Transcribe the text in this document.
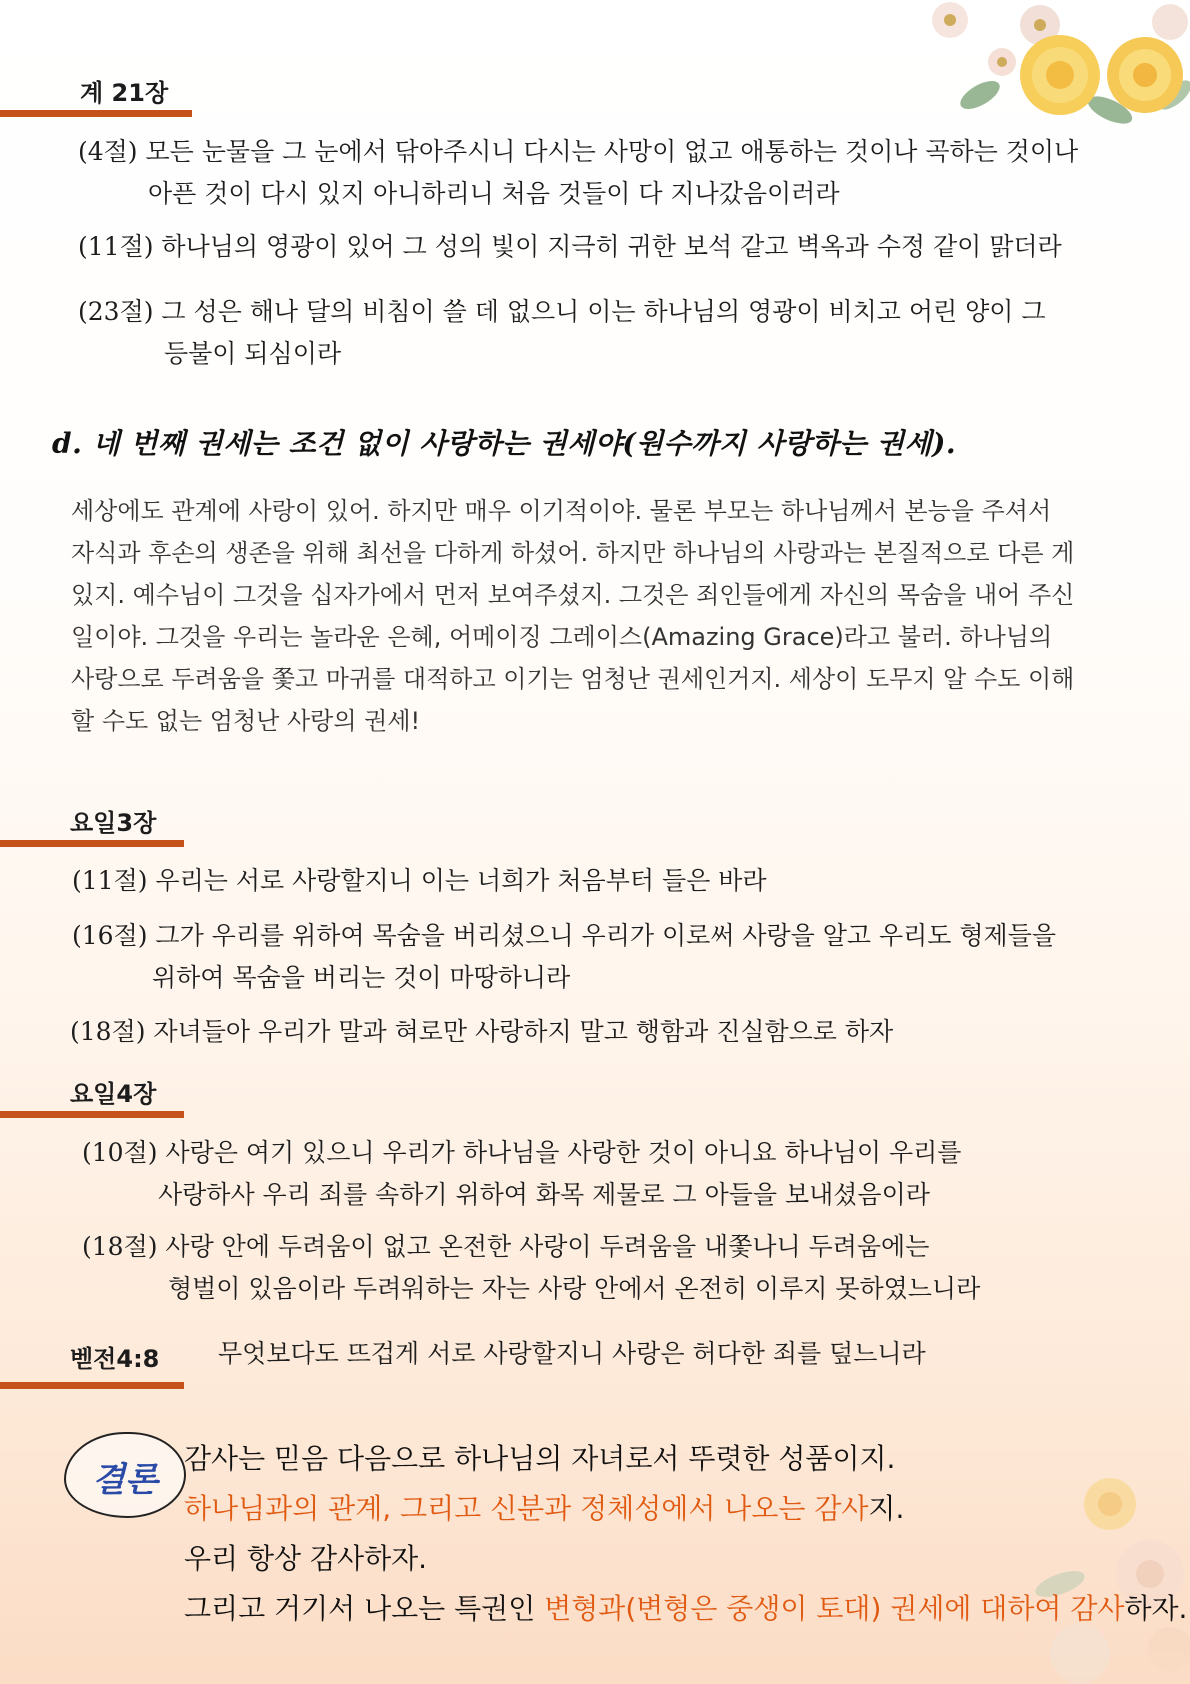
계 21장
(4절) 모든 눈물을 그 눈에서 닦아주시니 다시는 사망이 없고 애통하는 것이나 곡하는 것이나
아픈 것이 다시 있지 아니하리니 처음 것들이 다 지나갔음이러라
(11절) 하나님의 영광이 있어 그 성의 빛이 지극히 귀한 보석 같고 벽옥과 수정 같이 맑더라
(23절) 그 성은 해나 달의 비침이 쓸 데 없으니 이는 하나님의 영광이 비치고 어린 양이 그
등불이 되심이라
d. 네 번째 권세는 조건 없이 사랑하는 권세야(원수까지 사랑하는 권세).

세상에도 관계에 사랑이 있어. 하지만 매우 이기적이야. 물론 부모는 하나님께서 본능을 주셔서

자식과 후손의 생존을 위해 최선을 다하게 하셨어. 하지만 하나님의 사랑과는 본질적으로 다른 게

있지. 예수님이 그것을 십자가에서 먼저 보여주셨지. 그것은 죄인들에게 자신의 목숨을 내어 주신

일이야. 그것을 우리는 놀라운 은혜, 어메이징 그레이스(Amazing Grace)라고 불러. 하나님의

사랑으로 두려움을 쫓고 마귀를 대적하고 이기는 엄청난 권세인거지. 세상이 도무지 알 수도 이해

할 수도 없는 엄청난 사랑의 권세!

요일3장
(11절) 우리는 서로 사랑할지니 이는 너희가 처음부터 들은 바라
(16절) 그가 우리를 위하여 목숨을 버리셨으니 우리가 이로써 사랑을 알고 우리도 형제들을
위하여 목숨을 버리는 것이 마땅하니라
(18절) 자녀들아 우리가 말과 혀로만 사랑하지 말고 행함과 진실함으로 하자
요일4장
(10절) 사랑은 여기 있으니 우리가 하나님을 사랑한 것이 아니요 하나님이 우리를
사랑하사 우리 죄를 속하기 위하여 화목 제물로 그 아들을 보내셨음이라
(18절) 사랑 안에 두려움이 없고 온전한 사랑이 두려움을 내쫓나니 두려움에는
형벌이 있음이라 두려워하는 자는 사랑 안에서 온전히 이루지 못하였느니라
벧전4:8 무엇보다도 뜨겁게 서로 사랑할지니 사랑은 허다한 죄를 덮느니라
결론

감사는 믿음 다음으로 하나님의 자녀로서 뚜렷한 성품이지.

하나님과의 관계, 그리고 신분과 정체성에서 나오는 감사지.

우리 항상 감사하자.

그리고 거기서 나오는 특권인 변형과(변형은 중생이 토대) 권세에 대하여 감사하자.
